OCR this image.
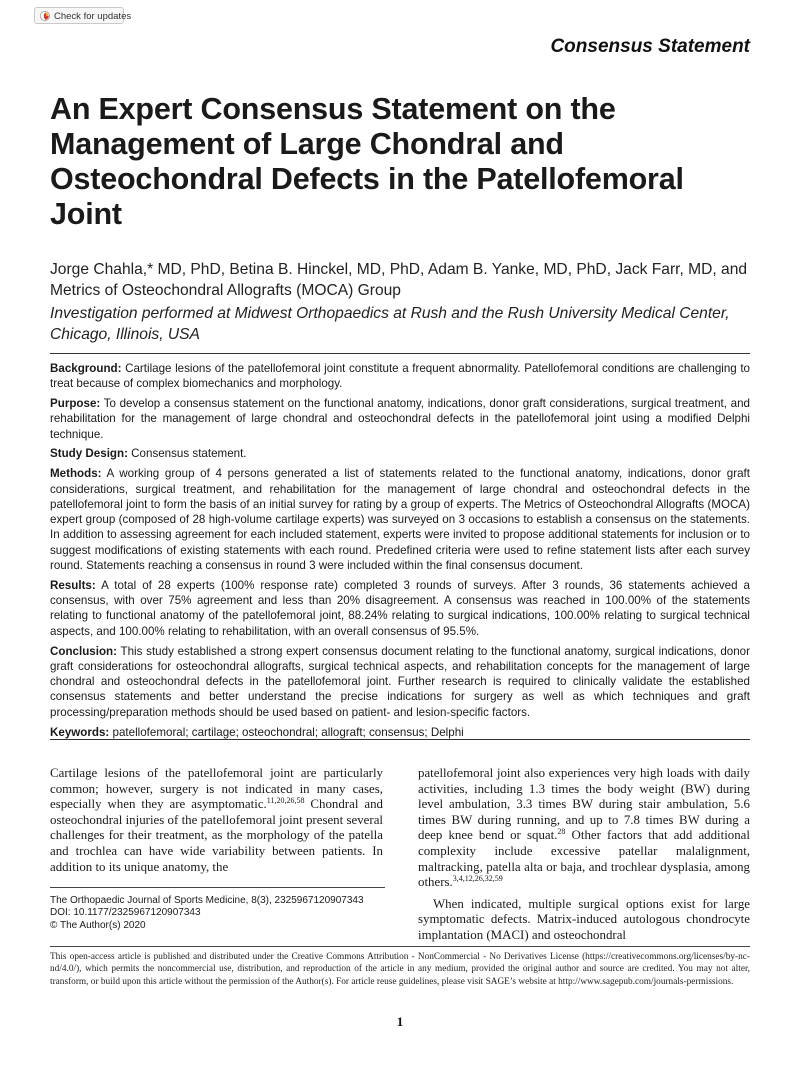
Check for updates
Consensus Statement
An Expert Consensus Statement on the Management of Large Chondral and Osteochondral Defects in the Patellofemoral Joint
Jorge Chahla,* MD, PhD, Betina B. Hinckel, MD, PhD, Adam B. Yanke, MD, PhD, Jack Farr, MD, and Metrics of Osteochondral Allografts (MOCA) Group
Investigation performed at Midwest Orthopaedics at Rush and the Rush University Medical Center, Chicago, Illinois, USA

Background: Cartilage lesions of the patellofemoral joint constitute a frequent abnormality. Patellofemoral conditions are challenging to treat because of complex biomechanics and morphology.

Purpose: To develop a consensus statement on the functional anatomy, indications, donor graft considerations, surgical treatment, and rehabilitation for the management of large chondral and osteochondral defects in the patellofemoral joint using a modified Delphi technique.

Study Design: Consensus statement.

Methods: A working group of 4 persons generated a list of statements related to the functional anatomy, indications, donor graft considerations, surgical treatment, and rehabilitation for the management of large chondral and osteochondral defects in the patellofemoral joint to form the basis of an initial survey for rating by a group of experts. The Metrics of Osteochondral Allografts (MOCA) expert group (composed of 28 high-volume cartilage experts) was surveyed on 3 occasions to establish a consensus on the statements. In addition to assessing agreement for each included statement, experts were invited to propose additional statements for inclusion or to suggest modifications of existing statements with each round. Predefined criteria were used to refine statement lists after each survey round. Statements reaching a consensus in round 3 were included within the final consensus document.

Results: A total of 28 experts (100% response rate) completed 3 rounds of surveys. After 3 rounds, 36 statements achieved a consensus, with over 75% agreement and less than 20% disagreement. A consensus was reached in 100.00% of the statements relating to functional anatomy of the patellofemoral joint, 88.24% relating to surgical indications, 100.00% relating to surgical technical aspects, and 100.00% relating to rehabilitation, with an overall consensus of 95.5%.

Conclusion: This study established a strong expert consensus document relating to the functional anatomy, surgical indications, donor graft considerations for osteochondral allografts, surgical technical aspects, and rehabilitation concepts for the management of large chondral and osteochondral defects in the patellofemoral joint. Further research is required to clinically validate the established consensus statements and better understand the precise indications for surgery as well as which techniques and graft processing/preparation methods should be used based on patient- and lesion-specific factors.

Keywords: patellofemoral; cartilage; osteochondral; allograft; consensus; Delphi

Cartilage lesions of the patellofemoral joint are particularly common; however, surgery is not indicated in many cases, especially when they are asymptomatic.$^{11,20,26,58}$ Chondral and osteochondral injuries of the patellofemoral joint present several challenges for their treatment, as the morphology of the patella and trochlea can have wide variability between patients. In addition to its unique anatomy, the

patellofemoral joint also experiences very high loads with daily activities, including 1.3 times the body weight (BW) during level ambulation, 3.3 times BW during stair ambulation, 5.6 times BW during running, and up to 7.8 times BW during a deep knee bend or squat.$^{28}$ Other factors that add additional complexity include excessive patellar malalignment, maltracking, patella alta or baja, and trochlear dysplasia, among others.$^{3,4,12,26,32,59}$

When indicated, multiple surgical options exist for large symptomatic defects. Matrix-induced autologous chondrocyte implantation (MACI) and osteochondral

The Orthopaedic Journal of Sports Medicine, 8(3), 2325967120907343
DOI: 10.1177/2325967120907343
© The Author(s) 2020
This open-access article is published and distributed under the Creative Commons Attribution - NonCommercial - No Derivatives License (https://creativecommons.org/licenses/by-nc-nd/4.0/), which permits the noncommercial use, distribution, and reproduction of the article in any medium, provided the original author and source are credited. You may not alter, transform, or build upon this article without the permission of the Author(s). For article reuse guidelines, please visit SAGE’s website at http://www.sagepub.com/journals-permissions.
1
